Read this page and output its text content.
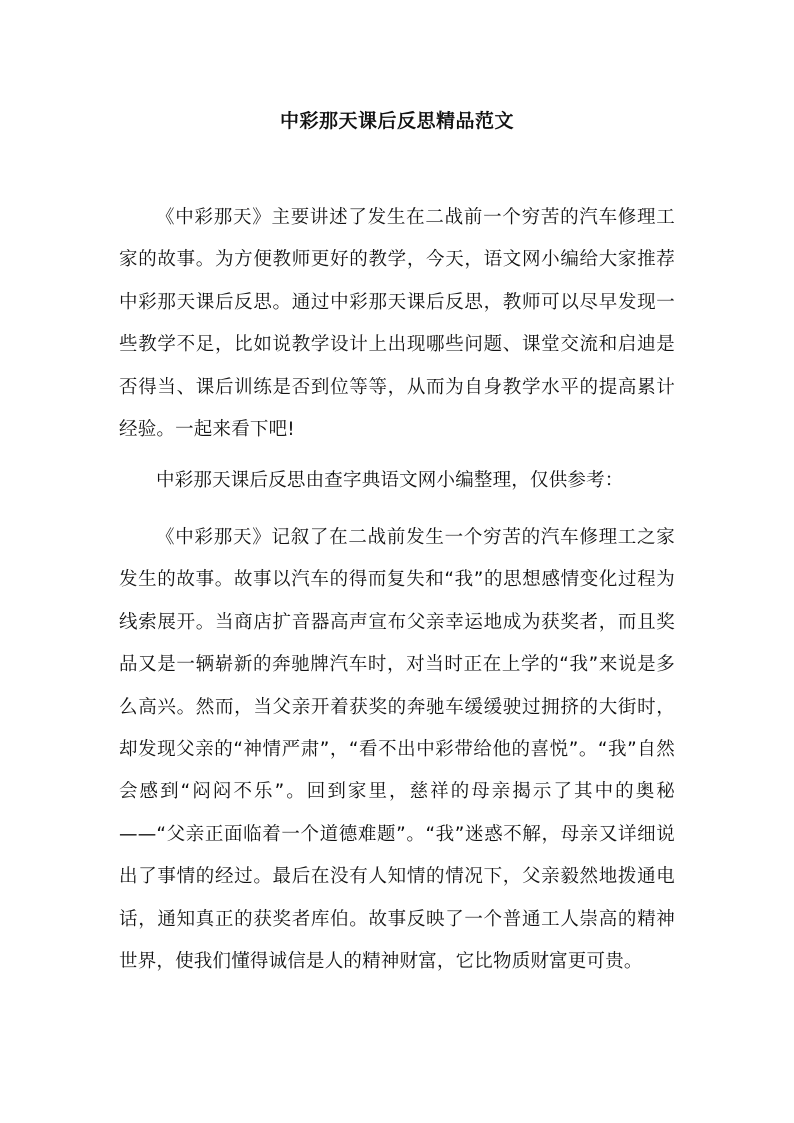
中彩那天课后反思精品范文

《中彩那天》主要讲述了发生在二战前一个穷苦的汽车修理工家的故事。为方便教师更好的教学，今天，语文网小编给大家推荐中彩那天课后反思。通过中彩那天课后反思，教师可以尽早发现一些教学不足，比如说教学设计上出现哪些问题、课堂交流和启迪是否得当、课后训练是否到位等等，从而为自身教学水平的提高累计经验。一起来看下吧!

中彩那天课后反思由查字典语文网小编整理，仅供参考：

《中彩那天》记叙了在二战前发生一个穷苦的汽车修理工之家发生的故事。故事以汽车的得而复失和“我”的思想感情变化过程为线索展开。当商店扩音器高声宣布父亲幸运地成为获奖者，而且奖品又是一辆崭新的奔驰牌汽车时，对当时正在上学的“我”来说是多么高兴。然而，当父亲开着获奖的奔驰车缓缓驶过拥挤的大街时，却发现父亲的“神情严肃”，“看不出中彩带给他的喜悦”。“我”自然会感到“闷闷不乐”。回到家里，慈祥的母亲揭示了其中的奥秘——“父亲正面临着一个道德难题”。“我”迷惑不解，母亲又详细说出了事情的经过。最后在没有人知情的情况下，父亲毅然地拨通电话，通知真正的获奖者库伯。故事反映了一个普通工人崇高的精神世界，使我们懂得诚信是人的精神财富，它比物质财富更可贵。
